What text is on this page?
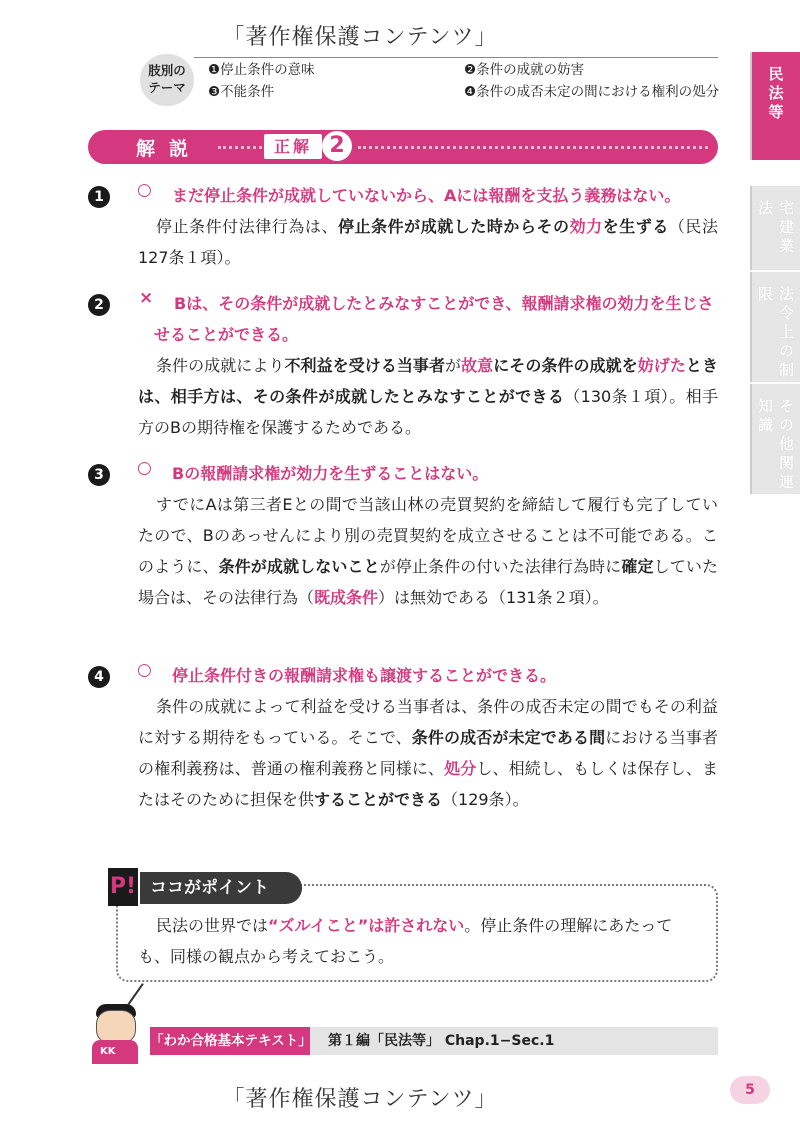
「著作権保護コンテンツ」
「著作権保護コンテンツ」
肢別の
テーマ
❶停止条件の意味	❷条件の成就の妨害
❸不能条件	❹条件の成否未定の間における権利の処分	民法等
宅建業法
法令上の制限
その他関連知識
解説	正解 2
1	○ まだ停止条件が成就していないから、Aには報酬を支払う義務はない。
停止条件付法律行為は、停止条件が成就した時からその効力を生ずる（民法127条１項）。
2	×	Bは、その条件が成就したとみなすことができ、報酬請求権の効力を生じさせることができる。
条件の成就により不利益を受ける当事者が故意にその条件の成就を妨げたときは、相手方は、その条件が成就したとみなすことができる（130条１項）。相手方のBの期待権を保護するためである。
3	○ Bの報酬請求権が効力を生ずることはない。
すでにAは第三者Eとの間で当該山林の売買契約を締結して履行も完了していたので、Bのあっせんにより別の売買契約を成立させることは不可能である。このように、条件が成就しないことが停止条件の付いた法律行為時に確定していた場合は、その法律行為（既成条件）は無効である（131条２項）。
4	○ 停止条件付きの報酬請求権も譲渡することができる。
条件の成就によって利益を受ける当事者は、条件の成否未定の間でもその利益に対する期待をもっている。そこで、条件の成否が未定である間における当事者の権利義務は、普通の権利義務と同様に、処分し、相続し、もしくは保存し、またはそのために担保を供することができる（129条）。
P! ココがポイント
民法の世界では“ズルイこと”は許されない。停止条件の理解にあたっても、同様の観点から考えておこう。
KK
「わか合格基本テキスト」 第１編「民法等」 Chap.1−Sec.1
5
